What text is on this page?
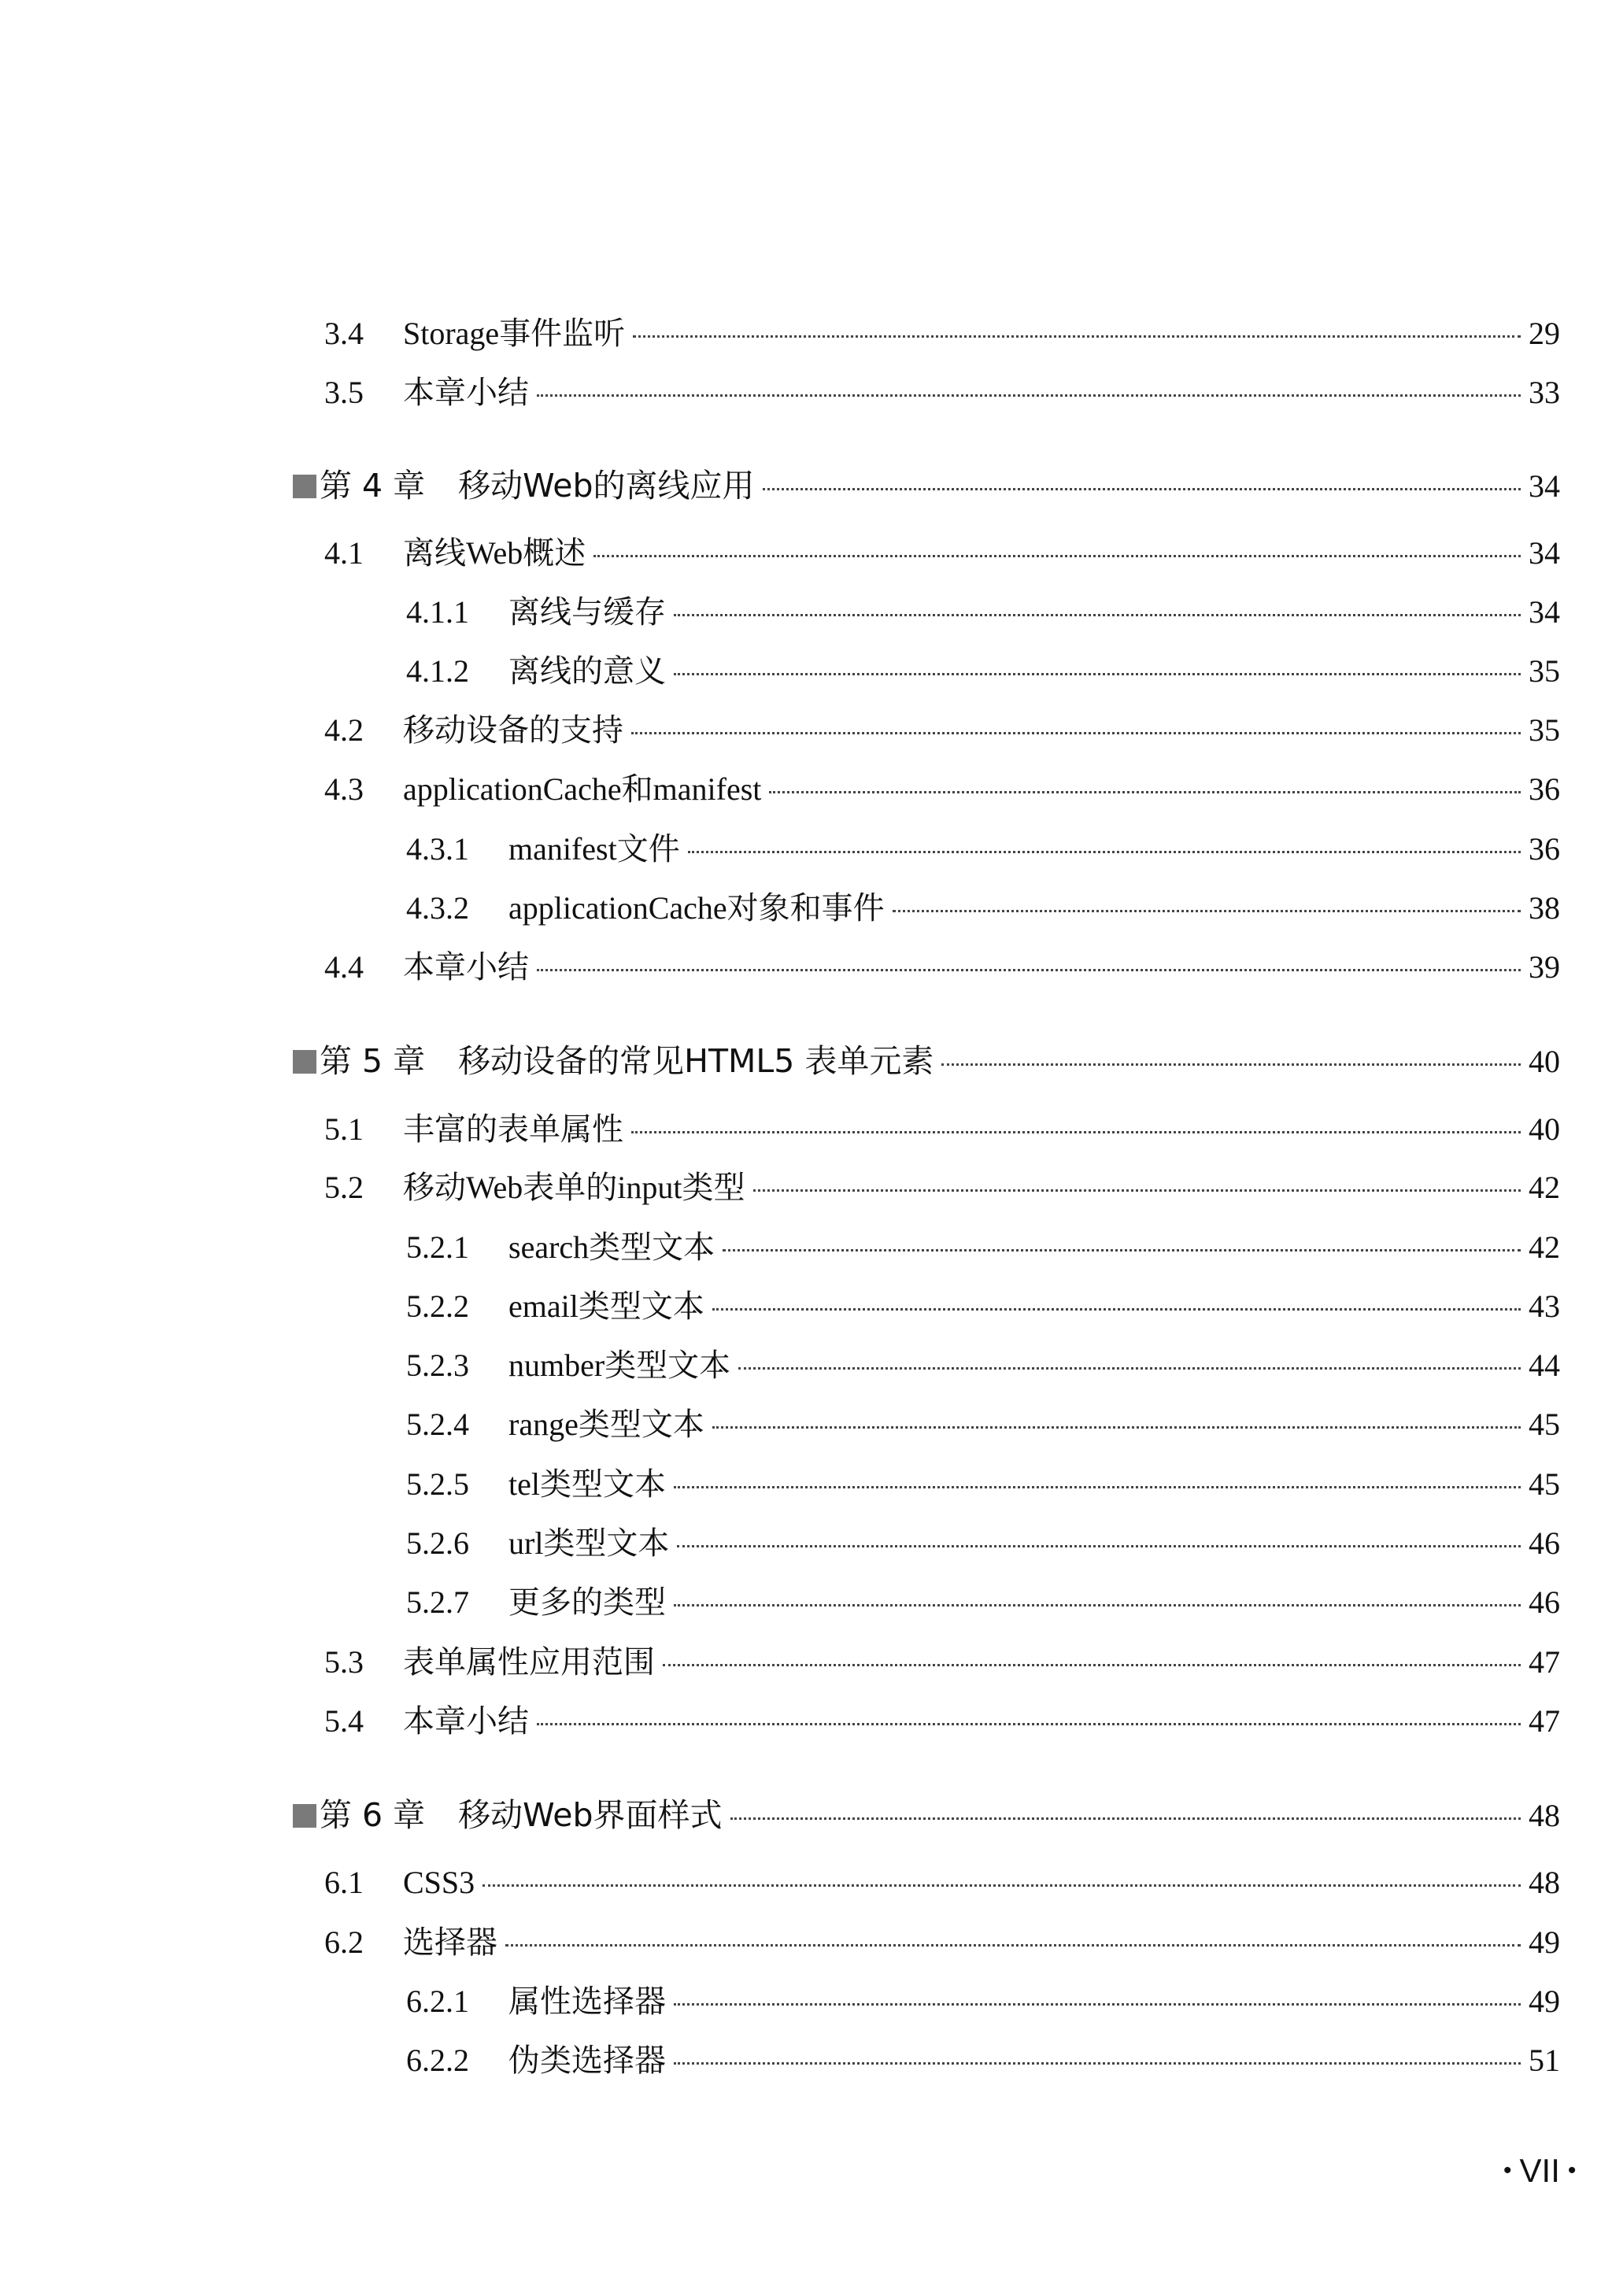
3.4	Storage事件监听	29
3.5	本章小结	33
第 4 章	移动Web的离线应用	34
4.1	离线Web概述	34
4.1.1	离线与缓存	34
4.1.2	离线的意义	35
4.2	移动设备的支持	35
4.3	applicationCache和manifest	36
4.3.1	manifest文件	36
4.3.2	applicationCache对象和事件	38
4.4	本章小结	39
第 5 章	移动设备的常见HTML5 表单元素	40
5.1	丰富的表单属性	40
5.2	移动Web表单的input类型	42
5.2.1	search类型文本	42
5.2.2	email类型文本	43
5.2.3	number类型文本	44
5.2.4	range类型文本	45
5.2.5	tel类型文本	45
5.2.6	url类型文本	46
5.2.7	更多的类型	46
5.3	表单属性应用范围	47
5.4	本章小结	47
第 6 章	移动Web界面样式	48
6.1	CSS3	48
6.2	选择器	49
6.2.1	属性选择器	49
6.2.2	伪类选择器	51
• VII •
